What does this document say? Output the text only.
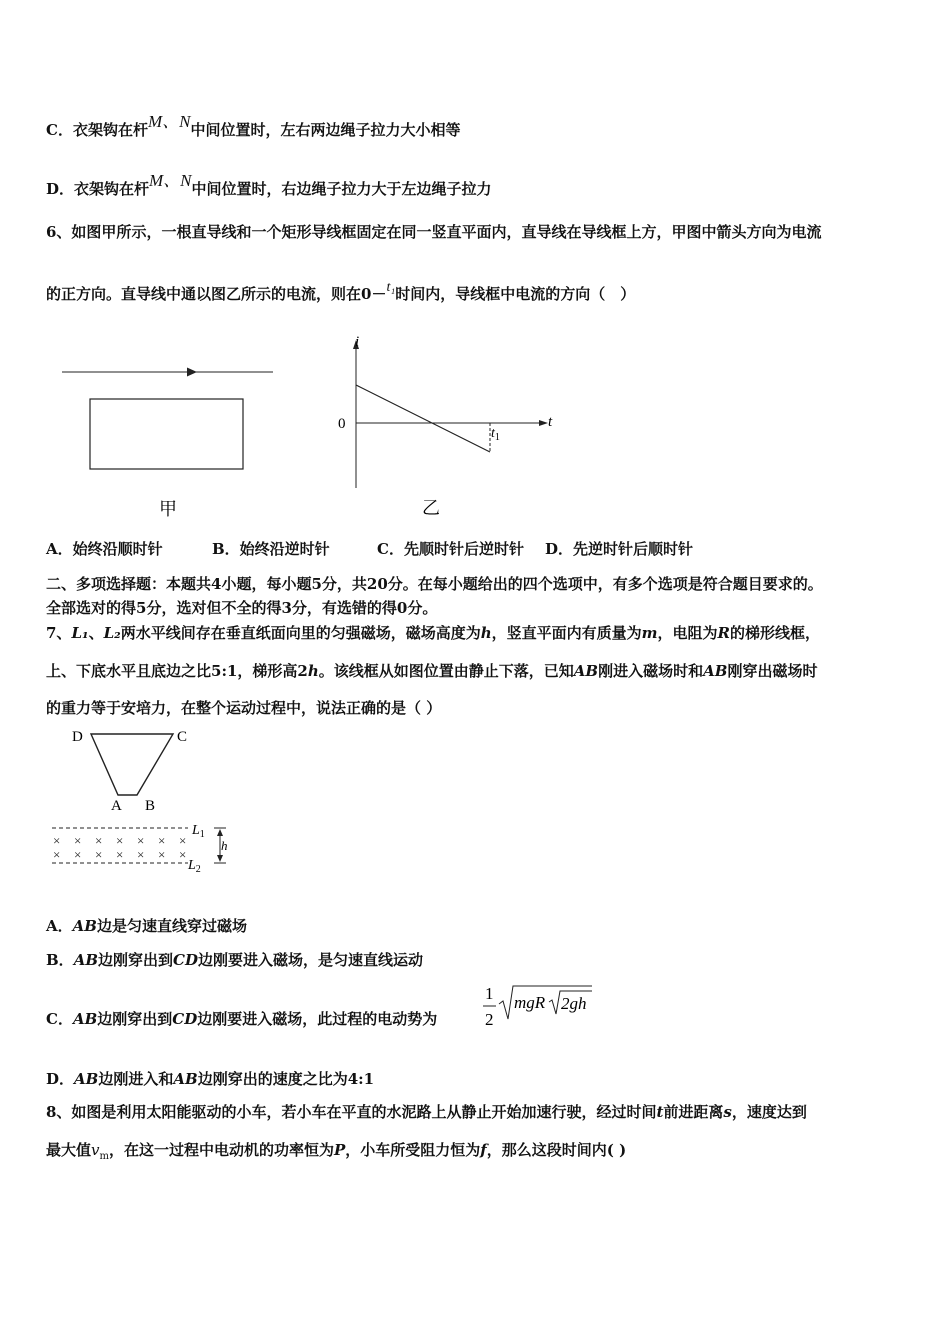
C．衣架钩在杆M、N中间位置时，左右两边绳子拉力大小相等
D．衣架钩在杆M、N中间位置时，右边绳子拉力大于左边绳子拉力
6、如图甲所示，一根直导线和一个矩形导线框固定在同一竖直平面内，直导线在导线框上方，甲图中箭头方向为电流
的正方向。直导线中通以图乙所示的电流，则在0－t₁时间内，导线框中电流的方向（　）
甲
i
t
0
$t_1$
乙
A．始终沿顺时针	B．始终沿逆时针	C．先顺时针后逆时针 D．先逆时针后顺时针
二、多项选择题：本题共4小题，每小题5分，共20分。在每小题给出的四个选项中，有多个选项是符合题目要求的。
全部选对的得5分，选对但不全的得3分，有选错的得0分。
7、L₁、L₂两水平线间存在垂直纸面向里的匀强磁场，磁场高度为h，竖直平面内有质量为m，电阻为R的梯形线框，
上、下底水平且底边之比5:1，梯形高2h。该线框从如图位置由静止下落，已知AB刚进入磁场时和AB刚穿出磁场时
的重力等于安培力，在整个运动过程中，说法正确的是（ ）
D	C
A B
× × × × × × ×
× × × × × × ×
$L_1$
$L_2$
h
A．AB边是匀速直线穿过磁场
B．AB边刚穿出到CD边刚要进入磁场，是匀速直线运动
C．AB边刚穿出到CD边刚要进入磁场，此过程的电动势为
1
2
mgR 2gh
D．AB边刚进入和AB边刚穿出的速度之比为4:1
8、如图是利用太阳能驱动的小车，若小车在平直的水泥路上从静止开始加速行驶，经过时间t前进距离s，速度达到
最大值$v_m$，在这一过程中电动机的功率恒为P，小车所受阻力恒为f，那么这段时间内( )
